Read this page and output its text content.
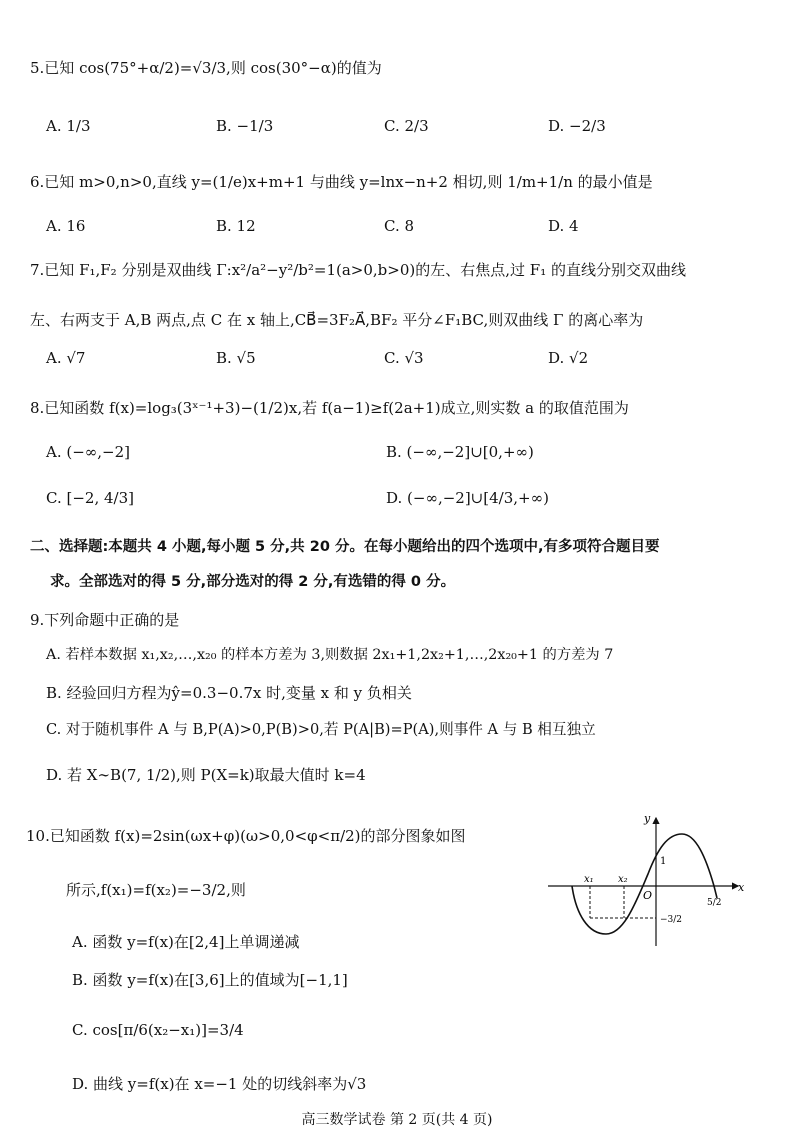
5.已知 cos(75°+α/2)=√3/3,则 cos(30°−α)的值为
A. 1/3	B. −1/3	C. 2/3	D. −2/3
6.已知 m>0,n>0,直线 y=(1/e)x+m+1 与曲线 y=lnx−n+2 相切,则 1/m+1/n 的最小值是
A. 16	B. 12	C. 8	D. 4
7.已知 F₁,F₂ 分别是双曲线 Γ:x²/a²−y²/b²=1(a>0,b>0)的左、右焦点,过 F₁ 的直线分别交双曲线
左、右两支于 A,B 两点,点 C 在 x 轴上,CB⃗=3F₂A⃗,BF₂ 平分∠F₁BC,则双曲线 Γ 的离心率为
A. √7	B. √5	C. √3	D. √2
8.已知函数 f(x)=log₃(3ˣ⁻¹+3)−(1/2)x,若 f(a−1)≥f(2a+1)成立,则实数 a 的取值范围为
A. (−∞,−2]	B. (−∞,−2]∪[0,+∞)
C. [−2, 4/3]	D. (−∞,−2]∪[4/3,+∞)
二、选择题:本题共 4 小题,每小题 5 分,共 20 分。在每小题给出的四个选项中,有多项符合题目要
求。全部选对的得 5 分,部分选对的得 2 分,有选错的得 0 分。
9.下列命题中正确的是
A. 若样本数据 x₁,x₂,…,x₂₀ 的样本方差为 3,则数据 2x₁+1,2x₂+1,…,2x₂₀+1 的方差为 7
B. 经验回归方程为ŷ=0.3−0.7x 时,变量 x 和 y 负相关
C. 对于随机事件 A 与 B,P(A)>0,P(B)>0,若 P(A|B)=P(A),则事件 A 与 B 相互独立
D. 若 X∼B(7, 1/2),则 P(X=k)取最大值时 k=4
10.已知函数 f(x)=2sin(ωx+φ)(ω>0,0<φ<π/2)的部分图象如图
所示,f(x₁)=f(x₂)=−3/2,则
A. 函数 y=f(x)在[2,4]上单调递减
B. 函数 y=f(x)在[3,6]上的值域为[−1,1]
C. cos[π/6(x₂−x₁)]=3/4
D. 曲线 y=f(x)在 x=−1 处的切线斜率为√3
y
x
O
x₁ x₂
1
5/2
−3/2
高三数学试卷 第 2 页(共 4 页)
